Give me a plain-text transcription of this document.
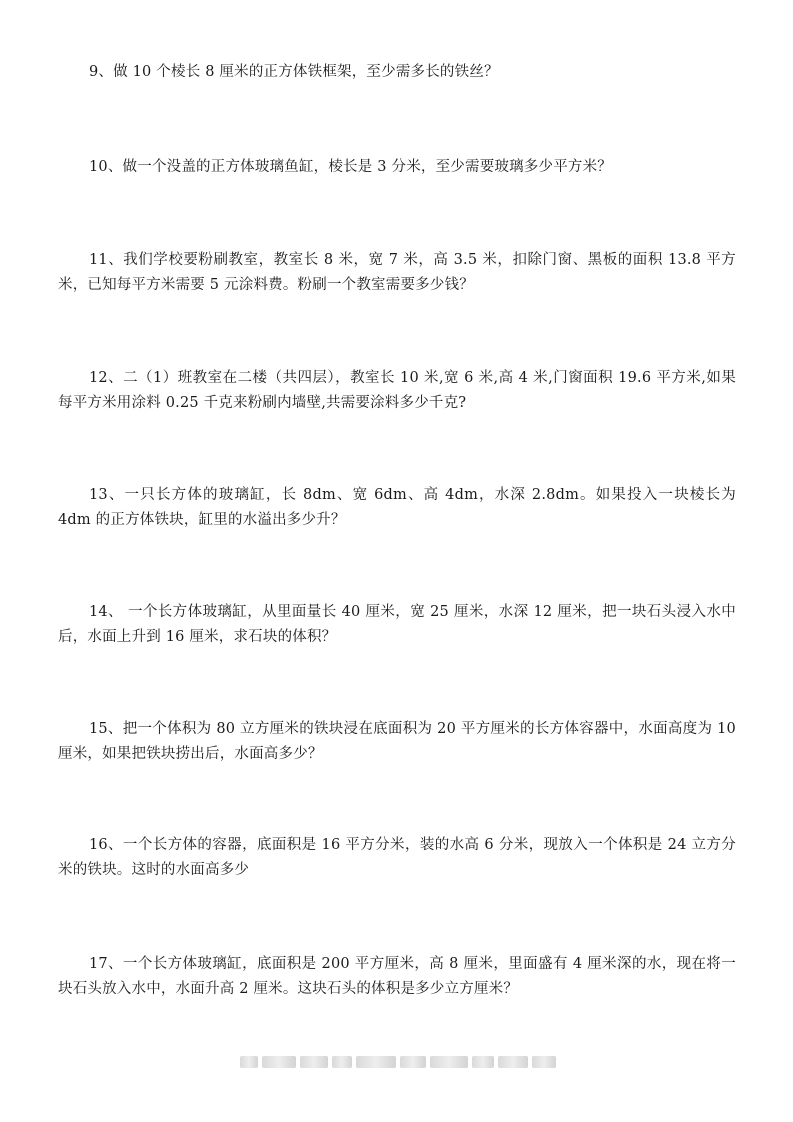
9、做 10 个棱长 8 厘米的正方体铁框架，至少需多长的铁丝？

10、做一个没盖的正方体玻璃鱼缸，棱长是 3 分米，至少需要玻璃多少平方米？

11、我们学校要粉刷教室，教室长 8 米，宽 7 米，高 3.5 米，扣除门窗、黑板的面积 13.8 平方米，已知每平方米需要 5 元涂料费。粉刷一个教室需要多少钱？

12、二（1）班教室在二楼（共四层），教室长 10 米,宽 6 米,高 4 米,门窗面积 19.6 平方米,如果每平方米用涂料 0.25 千克来粉刷内墙壁,共需要涂料多少千克?

13、一只长方体的玻璃缸，长 8dm、宽 6dm、高 4dm，水深 2.8dm。如果投入一块棱长为 4dm 的正方体铁块，缸里的水溢出多少升？

14、 一个长方体玻璃缸，从里面量长 40 厘米，宽 25 厘米，水深 12 厘米，把一块石头浸入水中后，水面上升到 16 厘米，求石块的体积？

15、把一个体积为 80 立方厘米的铁块浸在底面积为 20 平方厘米的长方体容器中，水面高度为 10 厘米，如果把铁块捞出后，水面高多少？

16、一个长方体的容器，底面积是 16 平方分米，装的水高 6 分米，现放入一个体积是 24 立方分米的铁块。这时的水面高多少

17、一个长方体玻璃缸，底面积是 200 平方厘米，高 8 厘米，里面盛有 4 厘米深的水，现在将一块石头放入水中，水面升高 2 厘米。这块石头的体积是多少立方厘米？
